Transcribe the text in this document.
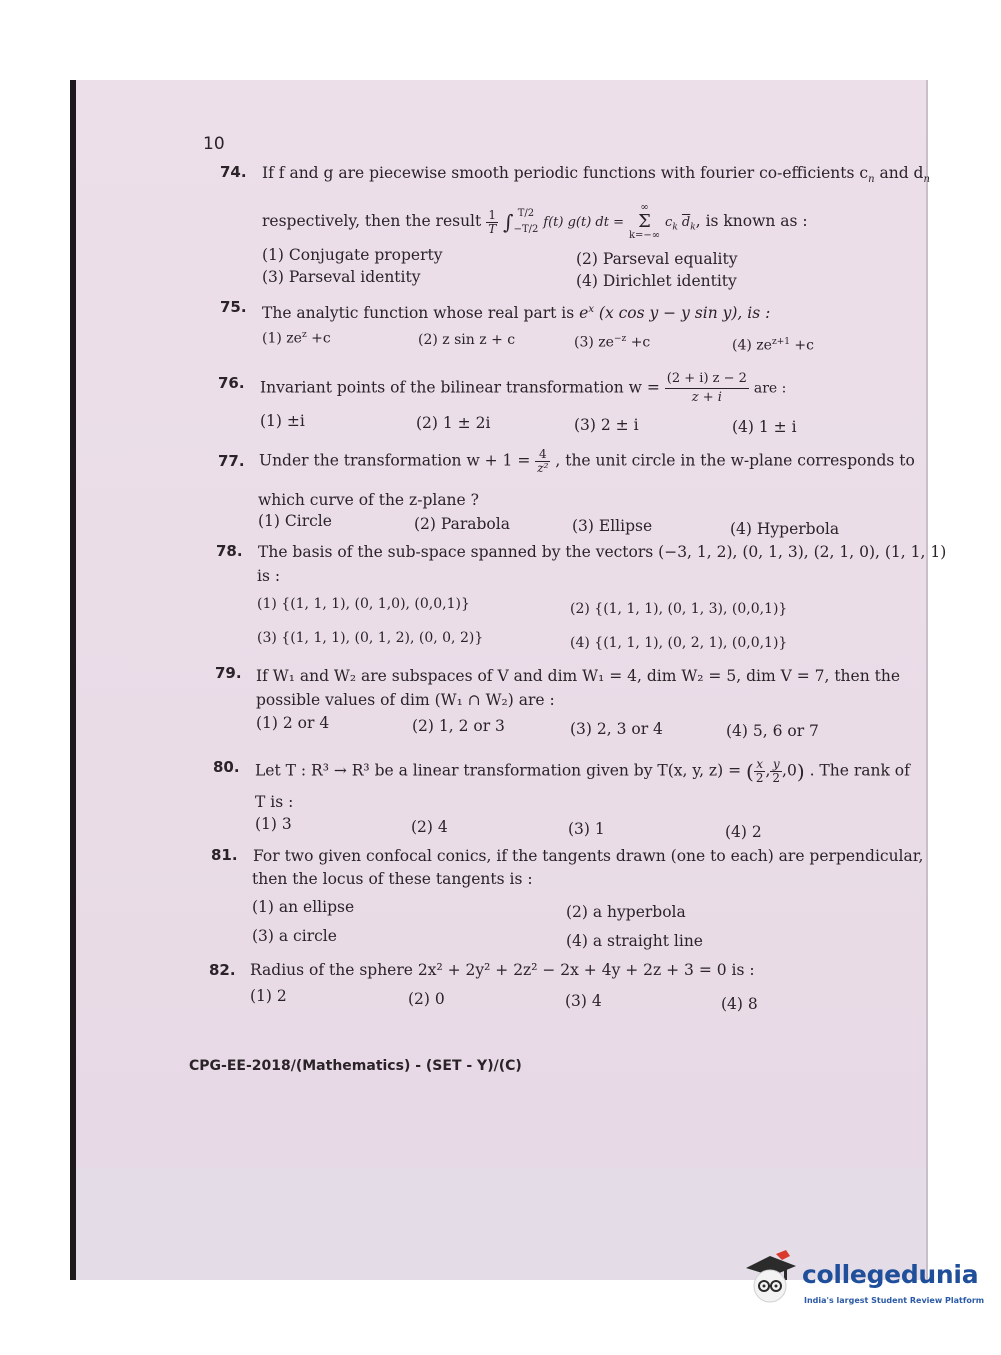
10
74. If f and g are piecewise smooth periodic functions with fourier co-efficients $c_n$ and $d_n$
respectively, then the result $\frac{1}{T}$ ∫ T/2
−T/2 f(t) g(t) dt = ∞
Σ
k=−∞ $c_k$ $\overline{d}_k$, is known as :
(1) Conjugate property	(2) Parseval equality
(3) Parseval identity	(4) Dirichlet identity
75. The analytic function whose real part is $e^x$ (x cos y − y sin y), is :
(1) $ze^z +c$	(2) z sin z + c	(3) $ze^{-z} +c$	(4) $ze^{z+1} +c$
76. Invariant points of the bilinear transformation $w = \frac{(2 + i) z - 2}{z + i}$ are :
(1) ±i	(2) 1 ± 2i	(3) 2 ± i	(4) 1 ± i
77. Under the transformation $w + 1 = \frac{4}{\text{z²}}$ , the unit circle in the w-plane corresponds to
which curve of the z-plane ?
(1) Circle	(2) Parabola	(3) Ellipse	(4) Hyperbola
78. The basis of the sub-space spanned by the vectors (−3, 1, 2), (0, 1, 3), (2, 1, 0), (1, 1, 1)
is :
(1) {(1, 1, 1), (0, 1,0), (0,0,1)}	(2) {(1, 1, 1), (0, 1, 3), (0,0,1)}
(3) {(1, 1, 1), (0, 1, 2), (0, 0, 2)}	(4) {(1, 1, 1), (0, 2, 1), (0,0,1)}
79. If W₁ and W₂ are subspaces of V and dim W₁ = 4, dim W₂ = 5, dim V = 7, then the
possible values of dim (W₁ ∩ W₂) are :
(1) 2 or 4	(2) 1, 2 or 3	(3) 2, 3 or 4	(4) 5, 6 or 7
80. Let T : R³ → R³ be a linear transformation given by T(x, y, z) = ( $\frac{x}{2}$ , $\frac{y}{2} ,0$) . The rank of
T is :
(1) 3	(2) 4	(3) 1	(4) 2
81. For two given confocal conics, if the tangents drawn (one to each) are perpendicular,
then the locus of these tangents is :
(1) an ellipse	(2) a hyperbola
(3) a circle	(4) a straight line
82. Radius of the sphere 2x² + 2y² + 2z² − 2x + 4y + 2z + 3 = 0 is :
(1) 2	(2) 0	(3) 4	(4) 8
CPG-EE-2018/(Mathematics) - (SET - Y)/(C)
collegedunia
India's largest Student Review Platform
